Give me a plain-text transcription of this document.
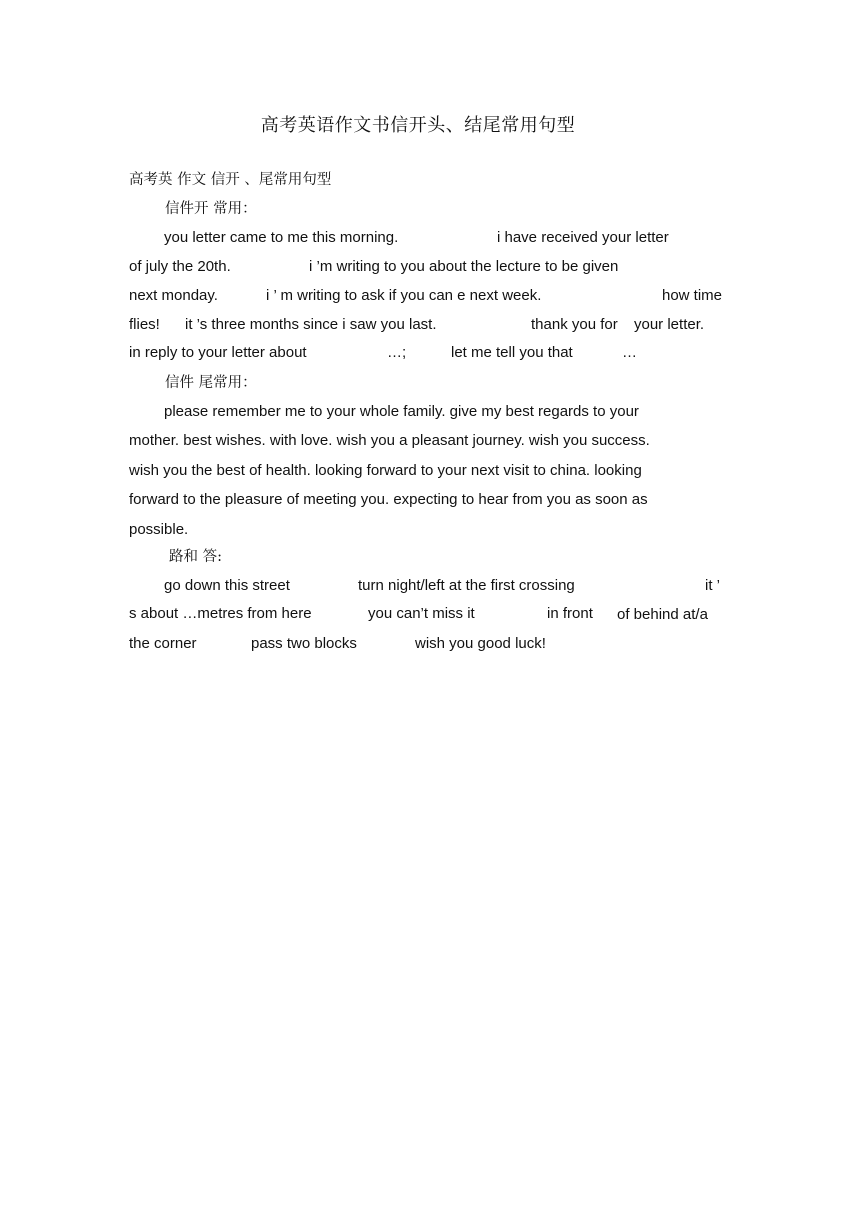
高考英语作文书信开头、结尾常用句型
高考英 作文 信开 、尾常用句型
信件开 常用：
you letter came to me this morning.	i have received your letter
of july the 20th.	i ’m writing to you about the lecture to be given
next monday.	i ’ m writing to ask if you can e next week.	how time
flies! it ’s three months since i saw you last.	thank you for your letter.
in reply to your letter about	…;	let me tell you that	…
信件 尾常用：
please remember me to your whole family. give my best regards to your
mother. best wishes. with love. wish you a pleasant journey. wish you success.
wish you the best of health. looking forward to your next visit to china. looking
forward to the pleasure of meeting you. expecting to hear from you as soon as
possible.
路和 答:
go down this street	turn night/left at the first crossing	it ’
s about …metres from here	you can’t miss it	in front of behind at/a
the corner	pass two blocks	wish you good luck!
